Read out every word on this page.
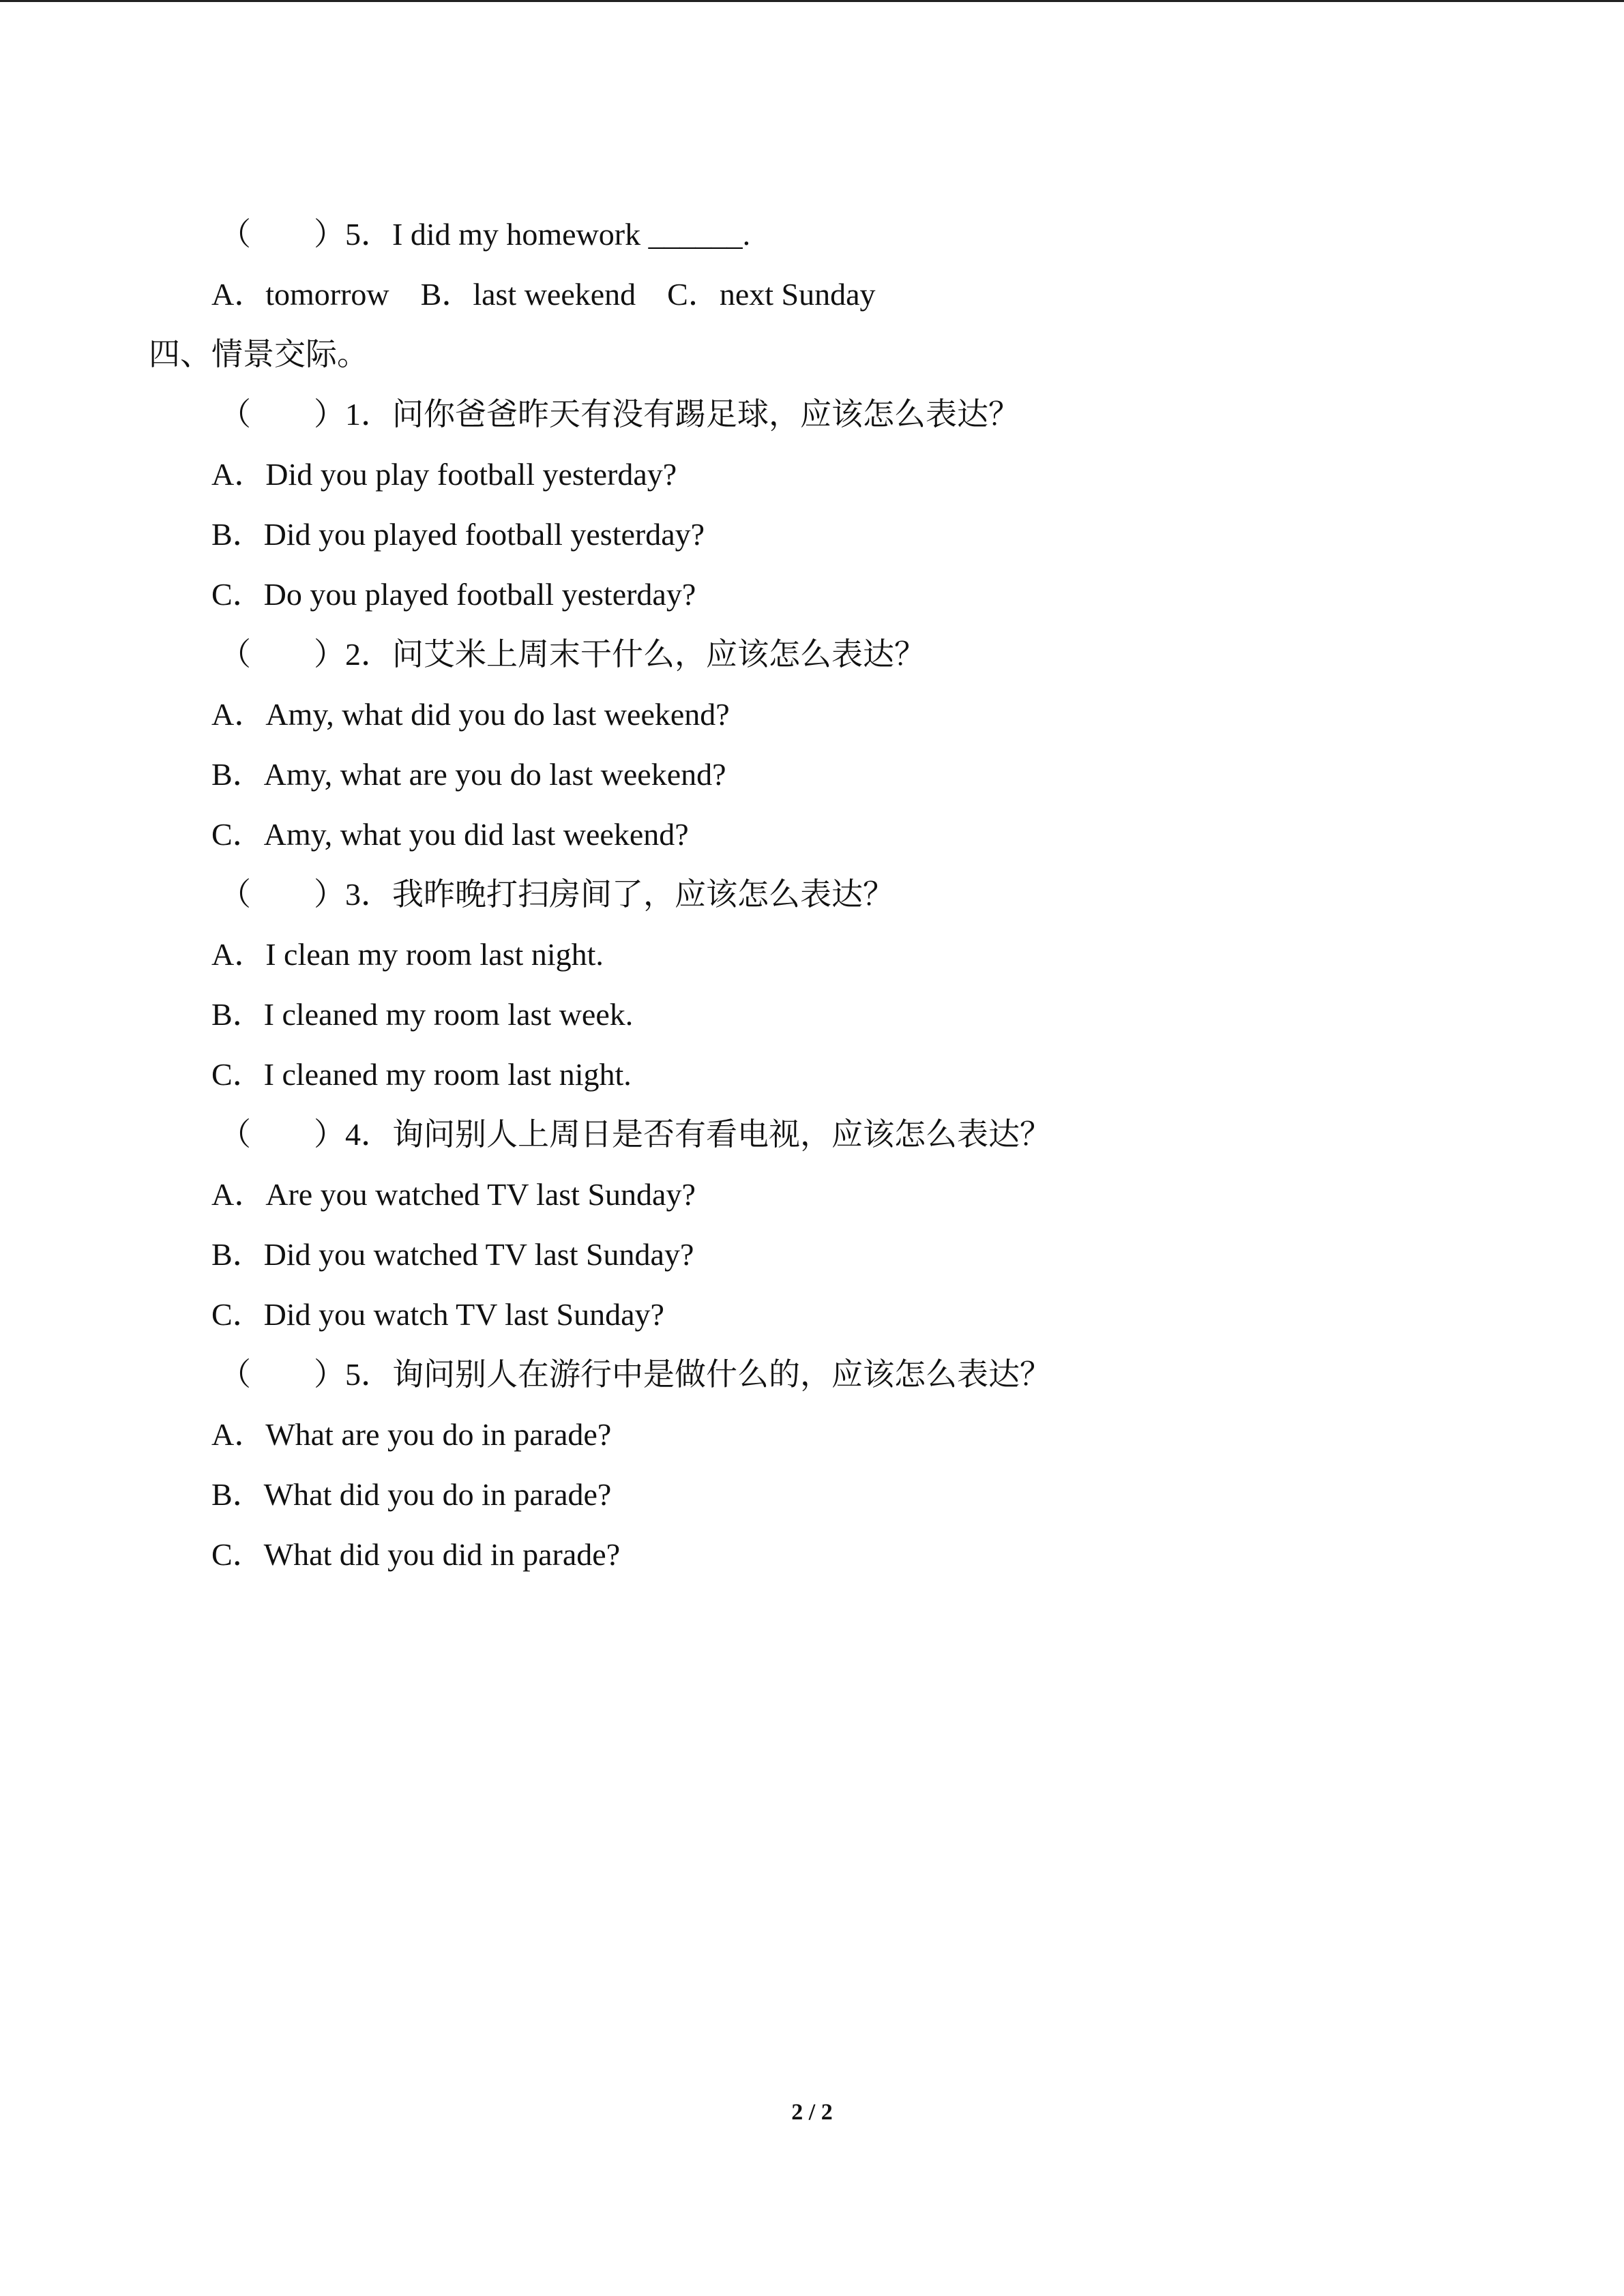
（　　）5．I did my homework ______.
A．tomorrow　B．last weekend　C．next Sunday
四、情景交际。
（　　）1．问你爸爸昨天有没有踢足球，应该怎么表达？
A．Did you play football yesterday?
B．Did you played football yesterday?
C．Do you played football yesterday?
（　　）2．问艾米上周末干什么，应该怎么表达？
A．Amy, what did you do last weekend?
B．Amy, what are you do last weekend?
C．Amy, what you did last weekend?
（　　）3．我昨晚打扫房间了，应该怎么表达？
A．I clean my room last night.
B．I cleaned my room last week.
C．I cleaned my room last night.
（　　）4．询问别人上周日是否有看电视，应该怎么表达？
A．Are you watched TV last Sunday?
B．Did you watched TV last Sunday?
C．Did you watch TV last Sunday?
（　　）5．询问别人在游行中是做什么的，应该怎么表达？
A．What are you do in parade?
B．What did you do in parade?
C．What did you did in parade?
2 / 2
